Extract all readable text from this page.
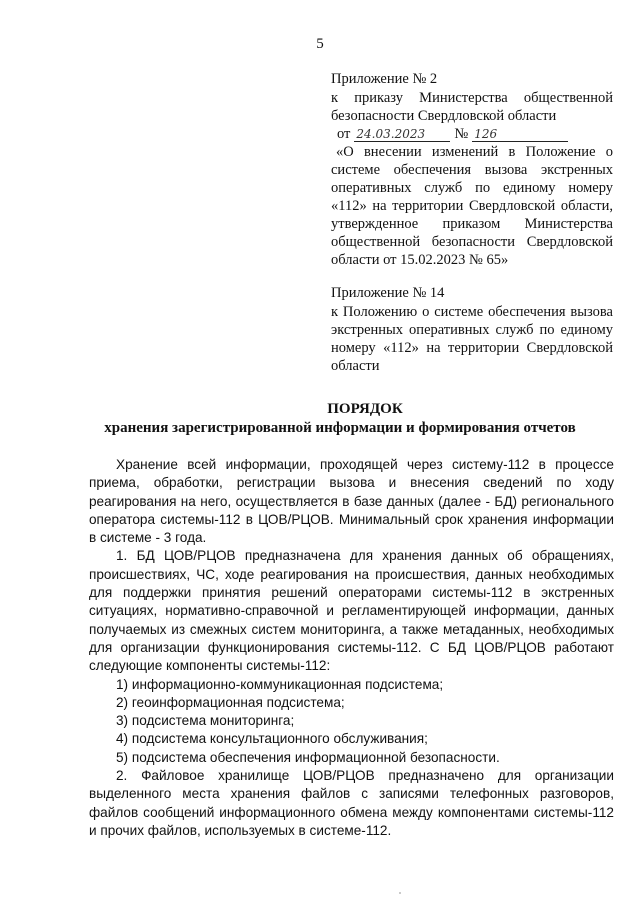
5

Приложение № 2

к приказу Министерства общественной безопасности Свердловской области

от 24.03.2023	№ 126

«О внесении изменений в Положение о системе обеспечения вызова экстренных оперативных служб по единому номеру «112» на территории Свердловской области, утвержденное приказом Министерства общественной безопасности Свердловской области от 15.02.2023 № 65»

Приложение № 14

к Положению о системе обеспечения вызова экстренных оперативных служб по единому номеру «112» на территории Свердловской области

ПОРЯДОК
хранения зарегистрированной информации и формирования отчетов

Хранение всей информации, проходящей через систему-112 в процессе приема, обработки, регистрации вызова и внесения сведений по ходу реагирования на него, осуществляется в базе данных (далее - БД) регионального оператора системы-112 в ЦОВ/РЦОВ. Минимальный срок хранения информации в системе - 3 года.

1. БД ЦОВ/РЦОВ предназначена для хранения данных об обращениях, происшествиях, ЧС, ходе реагирования на происшествия, данных необходимых для поддержки принятия решений операторами системы-112 в экстренных ситуациях, нормативно-справочной и регламентирующей информации, данных получаемых из смежных систем мониторинга, а также метаданных, необходимых для организации функционирования системы-112. С БД ЦОВ/РЦОВ работают следующие компоненты системы-112:

1) информационно-коммуникационная подсистема;
2) геоинформационная подсистема;
3) подсистема мониторинга;
4) подсистема консультационного обслуживания;
5) подсистема обеспечения информационной безопасности.

2. Файловое хранилище ЦОВ/РЦОВ предназначено для организации выделенного места хранения файлов с записями телефонных разговоров, файлов сообщений информационного обмена между компонентами системы-112 и прочих файлов, используемых в системе-112.
